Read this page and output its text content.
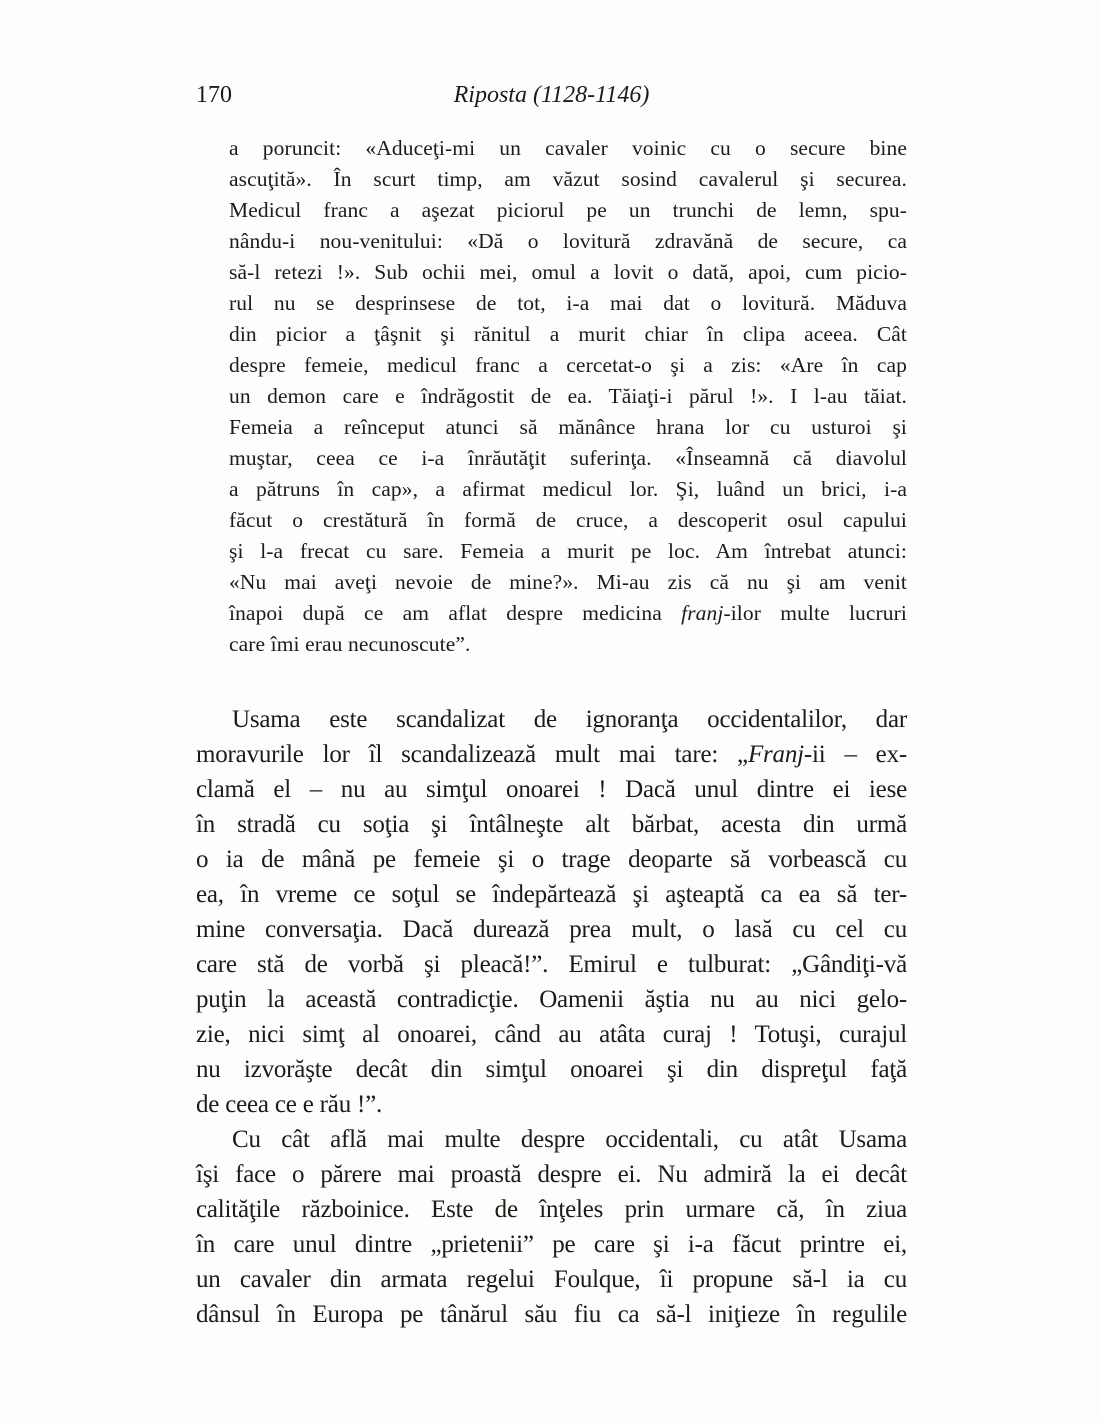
170	Riposta (1128-1146)
a poruncit: «Aduceţi-mi un cavaler voinic cu o secure bine
ascuţită». În scurt timp, am văzut sosind cavalerul şi securea.
Medicul franc a aşezat piciorul pe un trunchi de lemn, spu-
nându-i nou-venitului: «Dă o lovitură zdravănă de secure, ca
să-l retezi !». Sub ochii mei, omul a lovit o dată, apoi, cum picio-
rul nu se desprinsese de tot, i-a mai dat o lovitură. Măduva
din picior a ţâşnit şi rănitul a murit chiar în clipa aceea. Cât
despre femeie, medicul franc a cercetat-o şi a zis: «Are în cap
un demon care e îndrăgostit de ea. Tăiaţi-i părul !». I l-au tăiat.
Femeia a reînceput atunci să mănânce hrana lor cu usturoi şi
muştar, ceea ce i-a înrăutăţit suferinţa. «Înseamnă că diavolul
a pătruns în cap», a afirmat medicul lor. Şi, luând un brici, i-a
făcut o crestătură în formă de cruce, a descoperit osul capului
şi l-a frecat cu sare. Femeia a murit pe loc. Am întrebat atunci:
«Nu mai aveţi nevoie de mine?». Mi-au zis că nu şi am venit
înapoi după ce am aflat despre medicina franj-ilor multe lucruri
care îmi erau necunoscute”.
Usama este scandalizat de ignoranţa occidentalilor, dar
moravurile lor îl scandalizează mult mai tare: „Franj-ii – ex-
clamă el – nu au simţul onoarei ! Dacă unul dintre ei iese
în stradă cu soţia şi întâlneşte alt bărbat, acesta din urmă
o ia de mână pe femeie şi o trage deoparte să vorbească cu
ea, în vreme ce soţul se îndepărtează şi aşteaptă ca ea să ter-
mine conversaţia. Dacă durează prea mult, o lasă cu cel cu
care stă de vorbă şi pleacă!”. Emirul e tulburat: „Gândiţi-vă
puţin la această contradicţie. Oamenii ăştia nu au nici gelo-
zie, nici simţ al onoarei, când au atâta curaj ! Totuşi, curajul
nu izvorăşte decât din simţul onoarei şi din dispreţul faţă
de ceea ce e rău !”.
Cu cât află mai multe despre occidentali, cu atât Usama
îşi face o părere mai proastă despre ei. Nu admiră la ei decât
calităţile războinice. Este de înţeles prin urmare că, în ziua
în care unul dintre „prietenii” pe care şi i-a făcut printre ei,
un cavaler din armata regelui Foulque, îi propune să-l ia cu
dânsul în Europa pe tânărul său fiu ca să-l iniţieze în regulile
